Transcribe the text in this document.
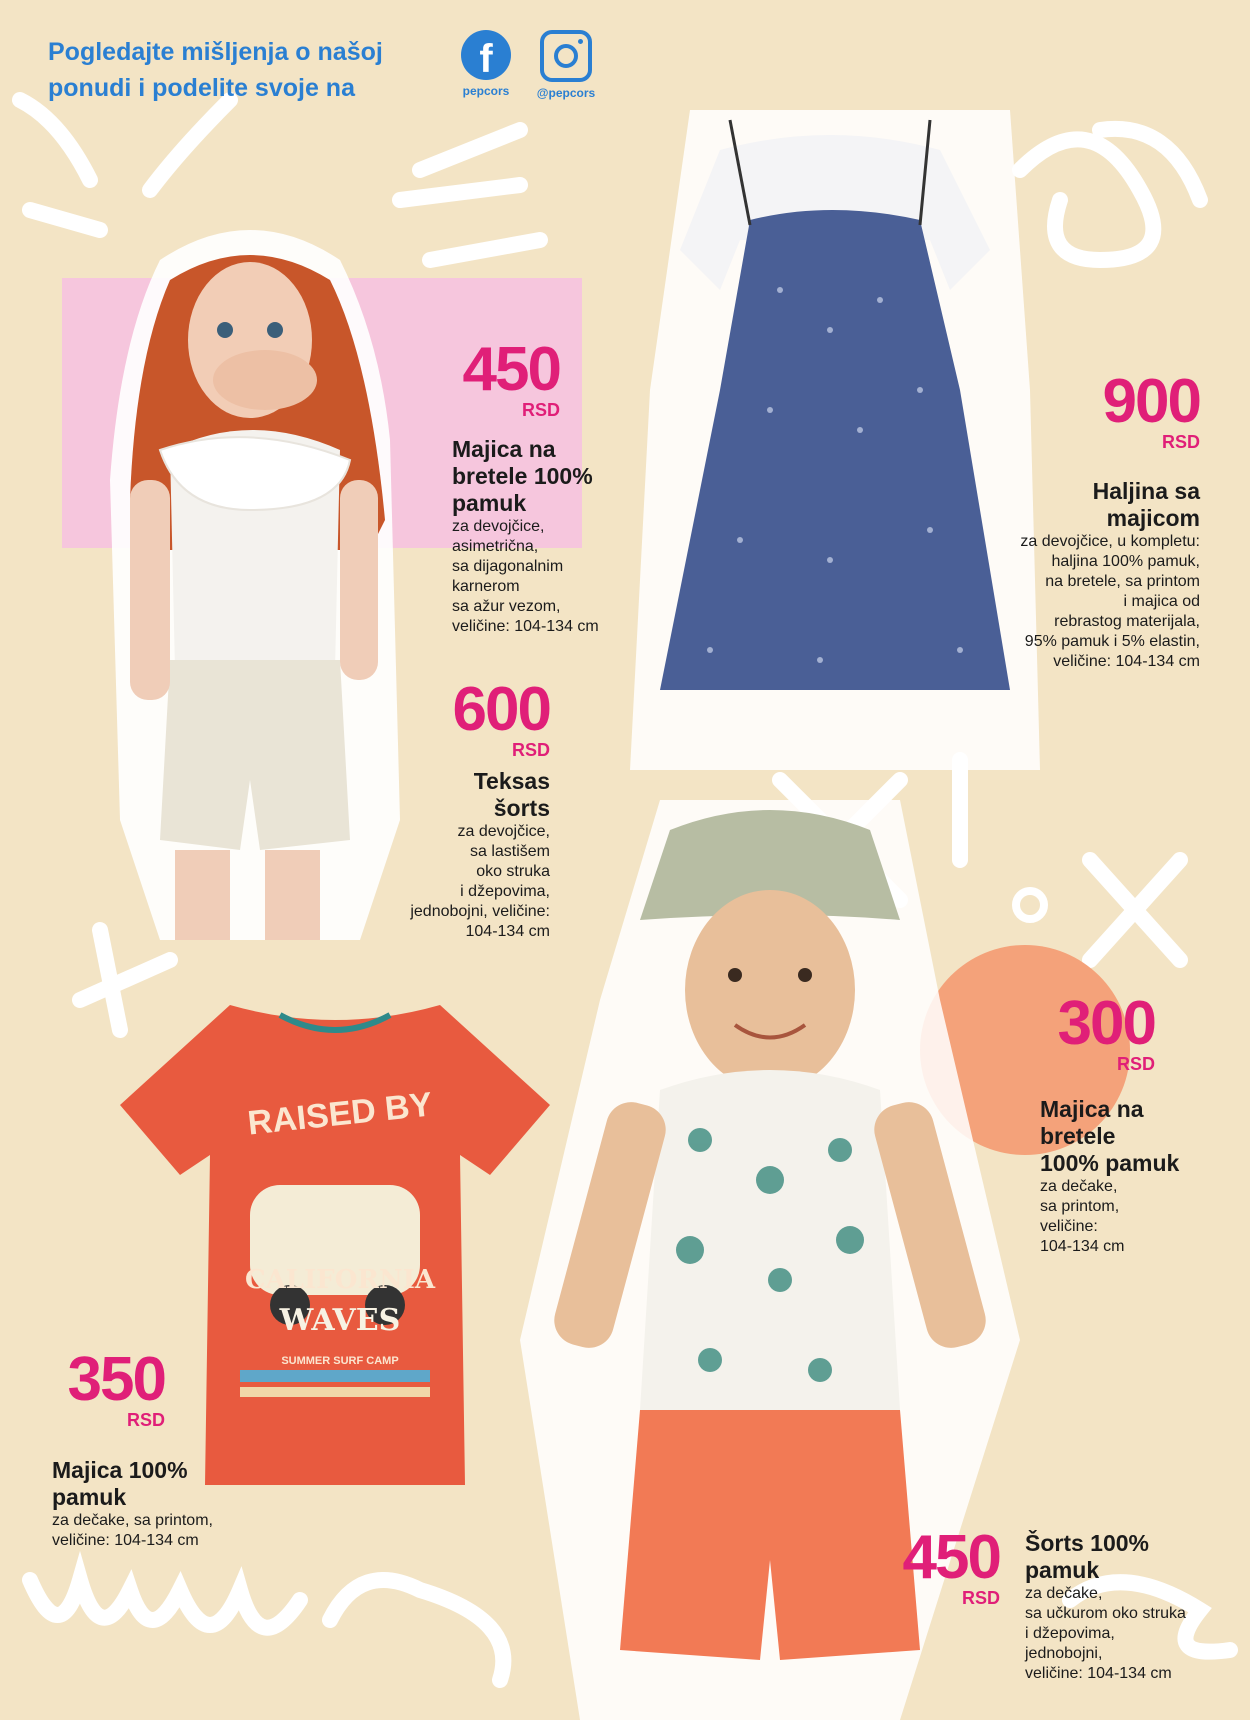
Pogledajte mišljenja o našoj ponudi i podelite svoje na
f
pepcors	@pepcors
RAISED BY
CALIFORNIA
WAVES
SUMMER SURF CAMP
450
RSD
Majica na bretele 100% pamuk
za devojčice,
asimetrična,
sa dijagonalnim
karnerom
sa ažur vezom,
veličine: 104-134 cm
600
RSD
Teksas šorts
za devojčice,
sa lastišem
oko struka
i džepovima,
jednobojni, veličine:
104-134 cm
900
RSD
Haljina sa majicom
za devojčice, u kompletu:
haljina 100% pamuk,
na bretele, sa printom
i majica od
rebrastog materijala,
95% pamuk i 5% elastin,
veličine: 104-134 cm
300
RSD
Majica na bretele 100% pamuk
za dečake,
sa printom,
veličine:
104-134 cm
350
RSD
Majica 100% pamuk
za dečake, sa printom,
veličine: 104-134 cm	450
RSD
Šorts 100% pamuk
za dečake,
sa učkurom oko struka
i džepovima,
jednobojni,
veličine: 104-134 cm
